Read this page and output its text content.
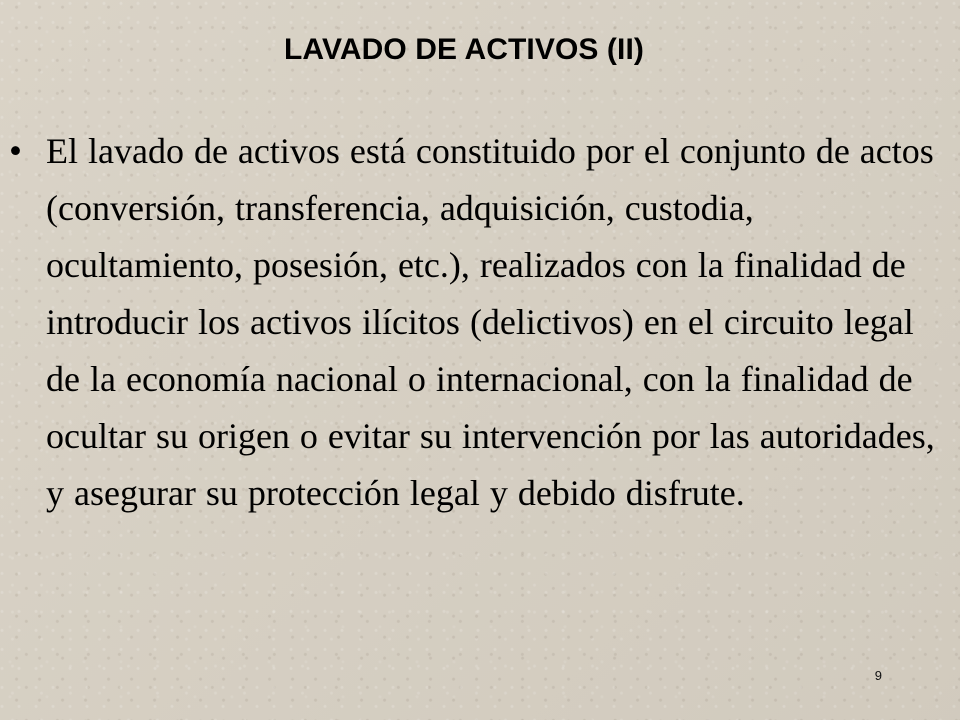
LAVADO DE ACTIVOS (II)
• El lavado de activos está constituido por el conjunto de actos (conversión, transferencia, adquisición, custodia, ocultamiento, posesión, etc.), realizados con la finalidad de introducir los activos ilícitos (delictivos) en el circuito legal de la economía nacional o internacional, con la finalidad de ocultar su origen o evitar su intervención por las autoridades, y asegurar su protección legal y debido disfrute.
9
